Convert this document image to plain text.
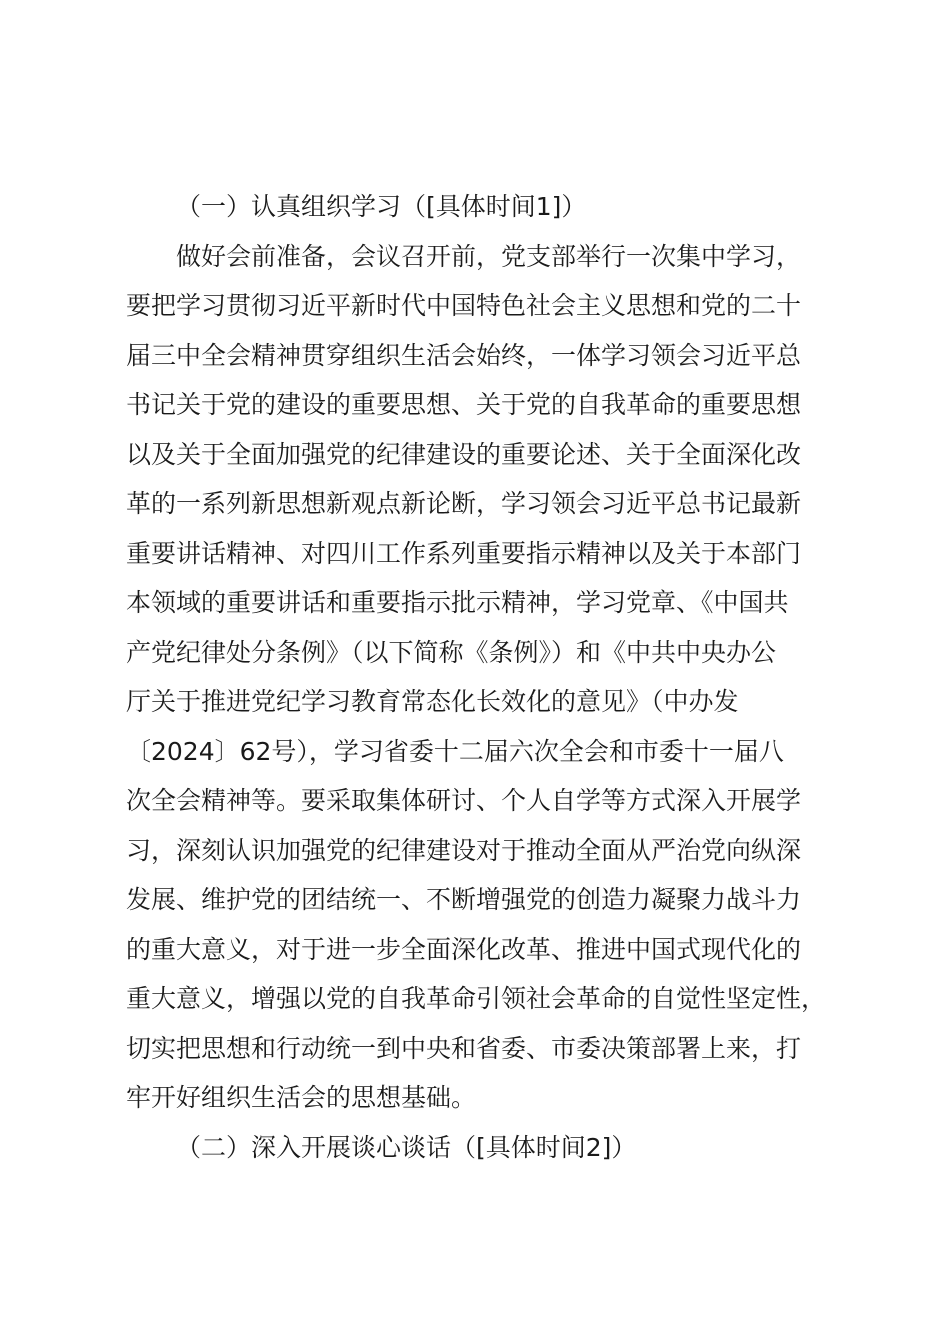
（一）认真组织学习（[具体时间1]）

做好会前准备，会议召开前，党支部举行一次集中学习，
要把学习贯彻习近平新时代中国特色社会主义思想和党的二十
届三中全会精神贯穿组织生活会始终，一体学习领会习近平总
书记关于党的建设的重要思想、关于党的自我革命的重要思想
以及关于全面加强党的纪律建设的重要论述、关于全面深化改
革的一系列新思想新观点新论断，学习领会习近平总书记最新
重要讲话精神、对四川工作系列重要指示精神以及关于本部门
本领域的重要讲话和重要指示批示精神，学习党章、《中国共
产党纪律处分条例》（以下简称《条例》）和《中共中央办公
厅关于推进党纪学习教育常态化长效化的意见》（中办发
〔2024〕62号），学习省委十二届六次全会和市委十一届八
次全会精神等。要采取集体研讨、个人自学等方式深入开展学
习，深刻认识加强党的纪律建设对于推动全面从严治党向纵深
发展、维护党的团结统一、不断增强党的创造力凝聚力战斗力
的重大意义，对于进一步全面深化改革、推进中国式现代化的
重大意义，增强以党的自我革命引领社会革命的自觉性坚定性，
切实把思想和行动统一到中央和省委、市委决策部署上来，打
牢开好组织生活会的思想基础。

（二）深入开展谈心谈话（[具体时间2]）
